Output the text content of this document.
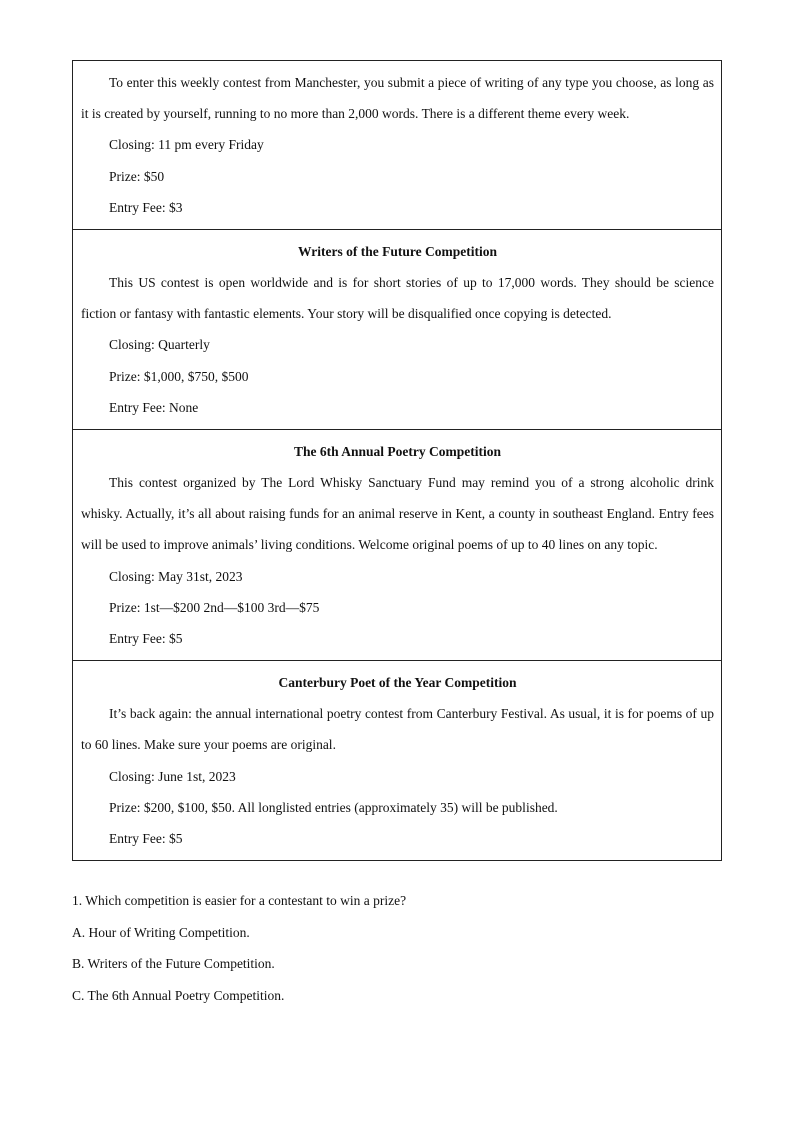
To enter this weekly contest from Manchester, you submit a piece of writing of any type you choose, as long as it is created by yourself, running to no more than 2,000 words. There is a different theme every week.
Closing: 11 pm every Friday
Prize: $50
Entry Fee: $3
Writers of the Future Competition
This US contest is open worldwide and is for short stories of up to 17,000 words. They should be science fiction or fantasy with fantastic elements. Your story will be disqualified once copying is detected.
Closing: Quarterly
Prize: $1,000, $750, $500
Entry Fee: None
The 6th Annual Poetry Competition
This contest organized by The Lord Whisky Sanctuary Fund may remind you of a strong alcoholic drink whisky. Actually, it’s all about raising funds for an animal reserve in Kent, a county in southeast England. Entry fees will be used to improve animals’ living conditions. Welcome original poems of up to 40 lines on any topic.
Closing: May 31st, 2023
Prize: 1st—$200 2nd—$100 3rd—$75
Entry Fee: $5
Canterbury Poet of the Year Competition
It’s back again: the annual international poetry contest from Canterbury Festival. As usual, it is for poems of up to 60 lines. Make sure your poems are original.
Closing: June 1st, 2023
Prize: $200, $100, $50. All longlisted entries (approximately 35) will be published.
Entry Fee: $5
1. Which competition is easier for a contestant to win a prize?
A. Hour of Writing Competition.
B. Writers of the Future Competition.
C. The 6th Annual Poetry Competition.
